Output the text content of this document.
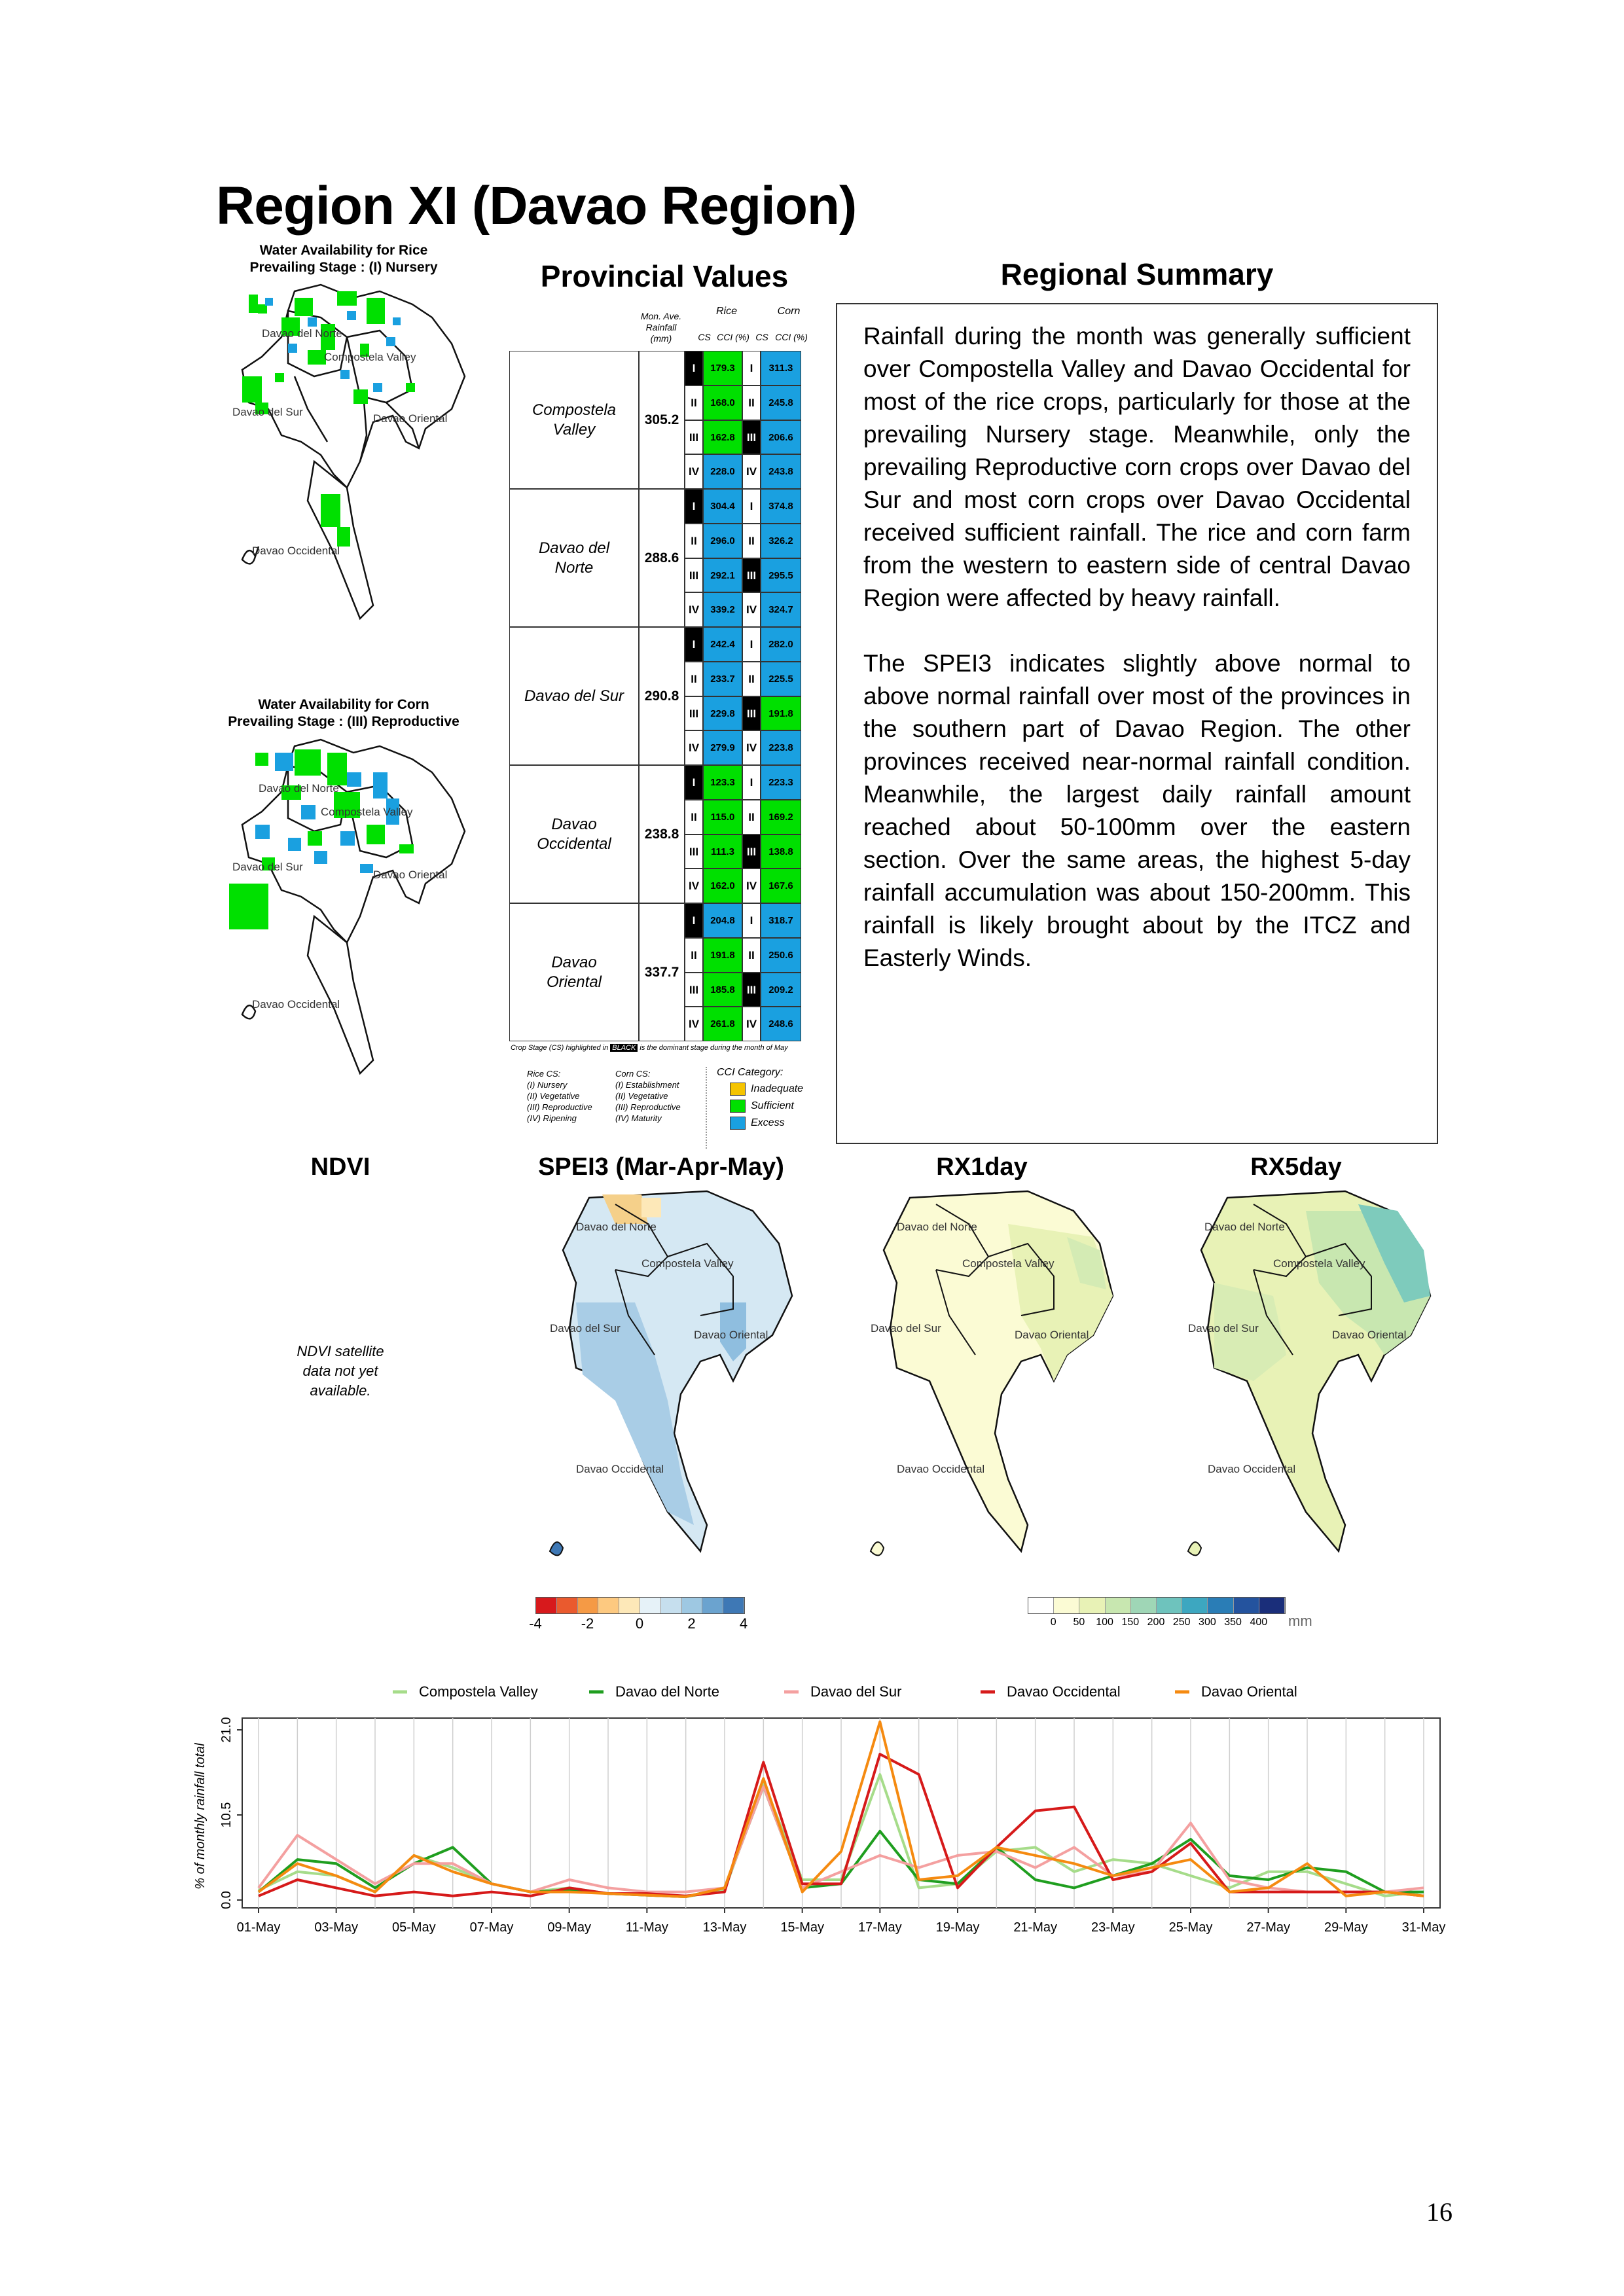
Region XI (Davao Region)
Water Availability for Rice
Prevailing Stage : (I) Nursery
Davao del Norte
Compostela Valley
Davao del Sur
Davao Oriental
Davao Occidental
Water Availability for Corn
Prevailing Stage : (III) Reproductive
Davao del Norte
Compostela Valley
Davao del Sur
Davao Oriental
Davao Occidental
Provincial Values
Mon. Ave. Rainfall (mm)
Rice	Corn
CS CCI (%) CS CCI (%)
Compostela Valley
305.2
I	179.3	I	311.3
II	168.0	II	245.8
III	162.8	III	206.6
IV	228.0	IV	243.8
Davao del Norte
288.6
I	304.4	I	374.8
II	296.0	II	326.2
III	292.1	III	295.5
IV	339.2	IV	324.7
Davao del Sur	290.8
I	242.4	I	282.0
II	233.7	II	225.5
III	229.8	III	191.8
IV	279.9	IV	223.8
Davao Occidental
238.8
I	123.3	I	223.3
II	115.0	II	169.2
III	111.3	III	138.8
IV	162.0	IV	167.6
Davao Oriental
337.7
I	204.8	I	318.7
II	191.8	II	250.6
III	185.8	III	209.2
IV	261.8	IV	248.6
Crop Stage (CS) highlighted in BLACK is the dominant stage during the month of May
Rice CS:
(I) Nursery
(II) Vegetative
(III) Reproductive
(IV) Ripening
Corn CS:
(I) Establishment
(II) Vegetative
(III) Reproductive
(IV) Maturity
CCI Category:
Inadequate
Sufficient
Excess
Regional Summary

Rainfall during the month was generally sufficient over Compostella Valley and Davao Occidental for most of the rice crops, particularly for those at the prevailing Nursery stage. Meanwhile, only the prevailing Reproductive corn crops over Davao del Sur and most corn crops over Davao Occidental received sufficient rainfall. The rice and corn farm from the western to eastern side of central Davao Region were affected by heavy rainfall.

The SPEI3 indicates slightly above normal to above normal rainfall over most of the provinces in the southern part of Davao Region. The other provinces received near-normal rainfall condition. Meanwhile, the largest daily rainfall amount reached about 50-100mm over the eastern section. Over the same areas, the highest 5-day rainfall accumulation was about 150-200mm. This rainfall is likely brought about by the ITCZ and Easterly Winds.

NDVI
NDVI satellite data not yet available.
SPEI3 (Mar-Apr-May)	RX1day	RX5day
Davao del Norte
Compostela Valley
Davao del Sur
Davao Oriental
Davao Occidental
Davao del Norte
Compostela Valley
Davao del Sur
Davao Oriental
Davao Occidental
Davao del Norte
Compostela Valley
Davao del Sur
Davao Oriental
Davao Occidental
-4	-2	0	2	4	0 50 100 150 200 250 300 350 400 mm
Compostela Valley	Davao del Norte	Davao del Sur	Davao Occidental	Davao Oriental
0.0
10.5
21.0
01-May	03-May	05-May	07-May	09-May	11-May	13-May	15-May	17-May	19-May	21-May	23-May	25-May	27-May	29-May	31-May
% of monthly rainfall total
16
